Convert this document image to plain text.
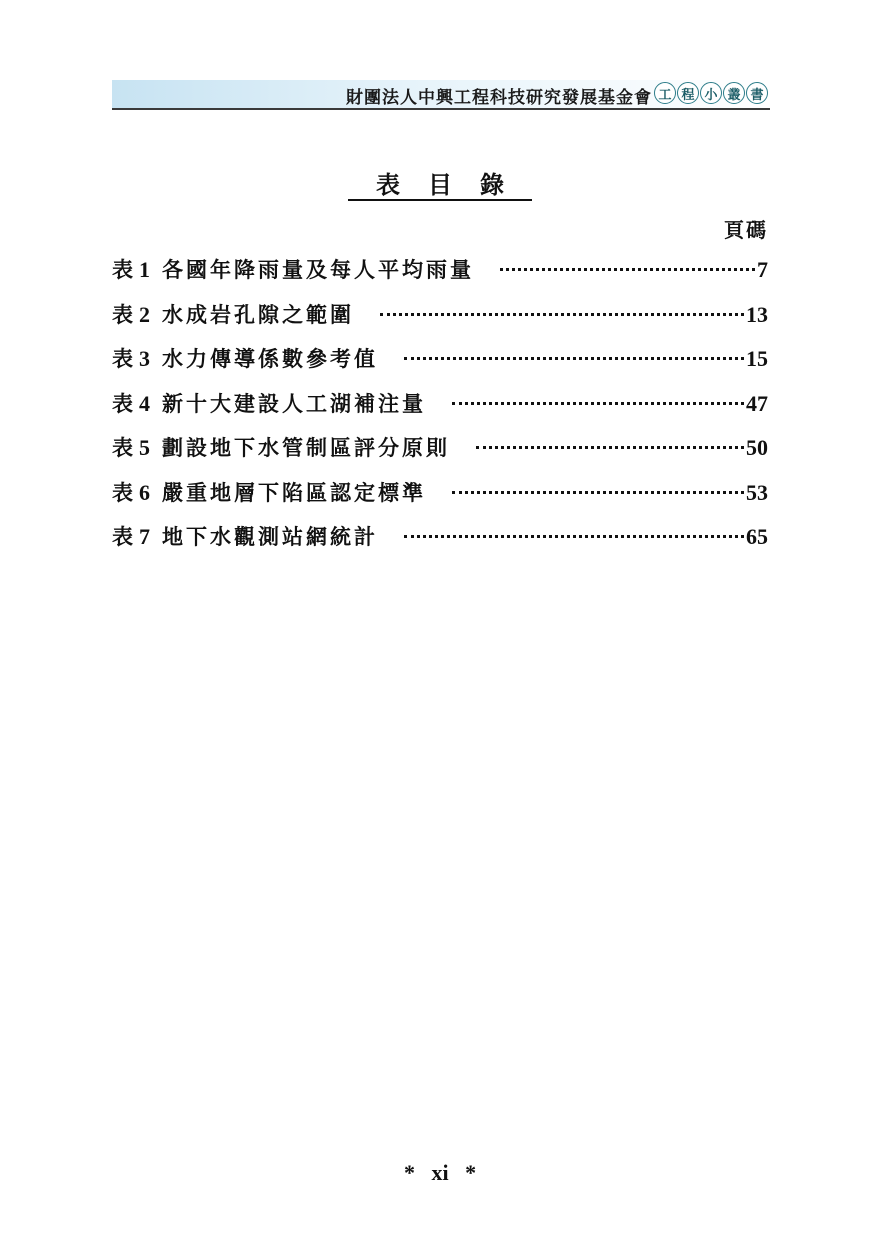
財團法人中興工程科技研究發展基金會 工 程 小 叢 書
表目錄
頁碼
表 1 各國年降雨量及每人平均雨量	7
表 2 水成岩孔隙之範圍	13
表 3 水力傳導係數參考值	15
表 4 新十大建設人工湖補注量	47
表 5 劃設地下水管制區評分原則	50
表 6 嚴重地層下陷區認定標準	53
表 7 地下水觀測站網統計	65
* xi *
